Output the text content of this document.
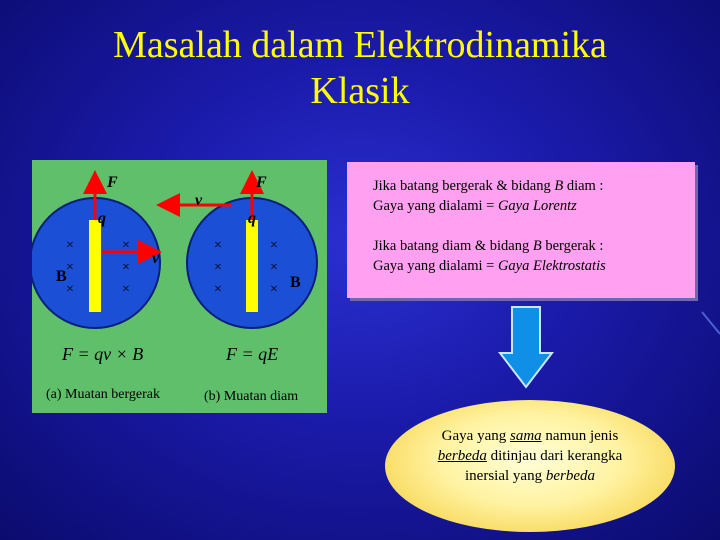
Masalah dalam Elektrodinamika
Klasik
F
q
v
B
F
v
q
B
×	×
×	×
×	×
×	×
×	×
×	×
F = qv × B	F = qE
(a) Muatan bergerak	(b) Muatan diam
Jika batang bergerak & bidang B diam :
Gaya yang dialami = Gaya Lorentz
Jika batang diam & bidang B bergerak :
Gaya yang dialami = Gaya Elektrostatis
Gaya yang sama namun jenis
berbeda ditinjau dari kerangka
inersial yang berbeda
